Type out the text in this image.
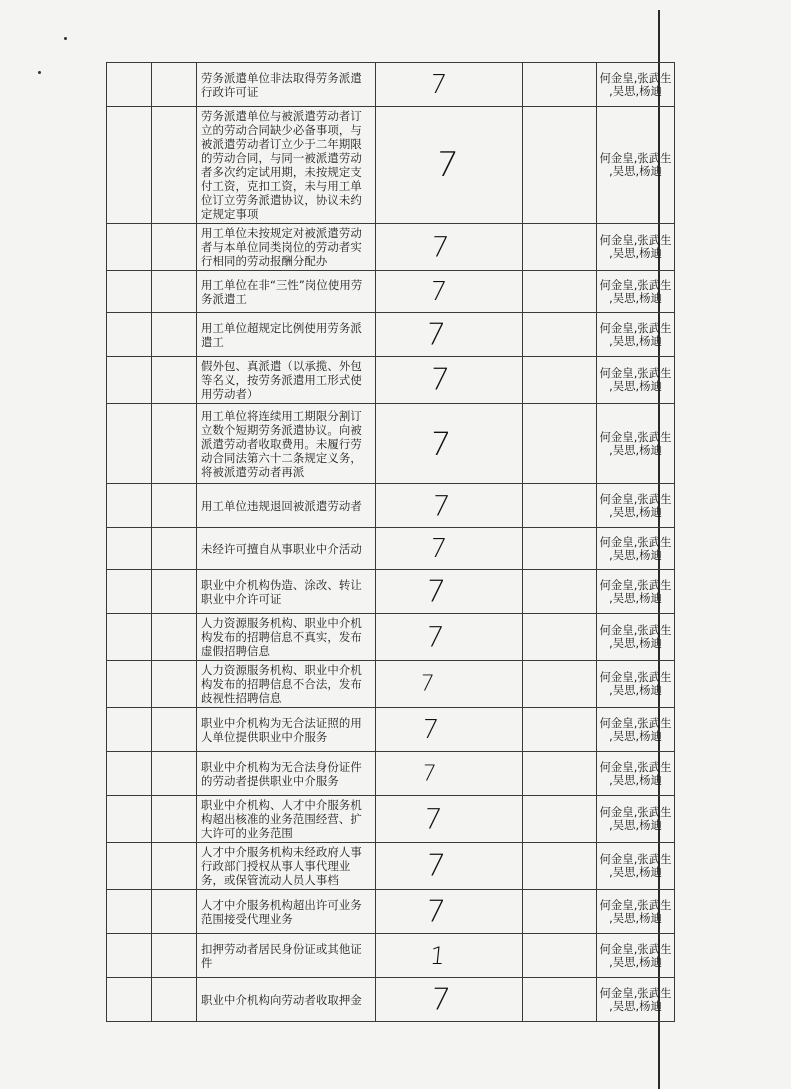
		劳务派遣单位非法取得劳务派遣行政许可证	7		何金皇,张武生
,吴思,杨迪

		劳务派遣单位与被派遣劳动者订立的劳动合同缺少必备事项，与被派遣劳动者订立少于二年期限的劳动合同，与同一被派遣劳动者多次约定试用期，未按规定支付工资，克扣工资，未与用工单位订立劳务派遣协议，协议未约定规定事项	7		何金皇,张武生
,吴思,杨迪

		用工单位未按规定对被派遣劳动者与本单位同类岗位的劳动者实行相同的劳动报酬分配办	7		何金皇,张武生
,吴思,杨迪

		用工单位在非“三性”岗位使用劳务派遣工	7		何金皇,张武生
,吴思,杨迪

		用工单位超规定比例使用劳务派遣工	7		何金皇,张武生
,吴思,杨迪

		假外包、真派遣（以承揽、外包等名义，按劳务派遣用工形式使用劳动者）	7		何金皇,张武生
,吴思,杨迪

		用工单位将连续用工期限分割订立数个短期劳务派遣协议。向被派遣劳动者收取费用。未履行劳动合同法第六十二条规定义务，将被派遣劳动者再派	7		何金皇,张武生
,吴思,杨迪

		用工单位违规退回被派遣劳动者	7		何金皇,张武生
,吴思,杨迪

		未经许可擅自从事职业中介活动	7		何金皇,张武生
,吴思,杨迪

		职业中介机构伪造、涂改、转让职业中介许可证	7		何金皇,张武生
,吴思,杨迪

		人力资源服务机构、职业中介机构发布的招聘信息不真实，发布虚假招聘信息	7		何金皇,张武生
,吴思,杨迪

		人力资源服务机构、职业中介机构发布的招聘信息不合法，发布歧视性招聘信息	7		何金皇,张武生
,吴思,杨迪

		职业中介机构为无合法证照的用人单位提供职业中介服务	7		何金皇,张武生
,吴思,杨迪

		职业中介机构为无合法身份证件的劳动者提供职业中介服务	7		何金皇,张武生
,吴思,杨迪

		职业中介机构、人才中介服务机构超出核准的业务范围经营、扩大许可的业务范围	7		何金皇,张武生
,吴思,杨迪

		人才中介服务机构未经政府人事行政部门授权从事人事代理业务，或保管流动人员人事档	7		何金皇,张武生
,吴思,杨迪

		人才中介服务机构超出许可业务范围接受代理业务	7		何金皇,张武生
,吴思,杨迪

		扣押劳动者居民身份证或其他证件	1		何金皇,张武生
,吴思,杨迪

		职业中介机构向劳动者收取押金	7		何金皇,张武生
,吴思,杨迪
